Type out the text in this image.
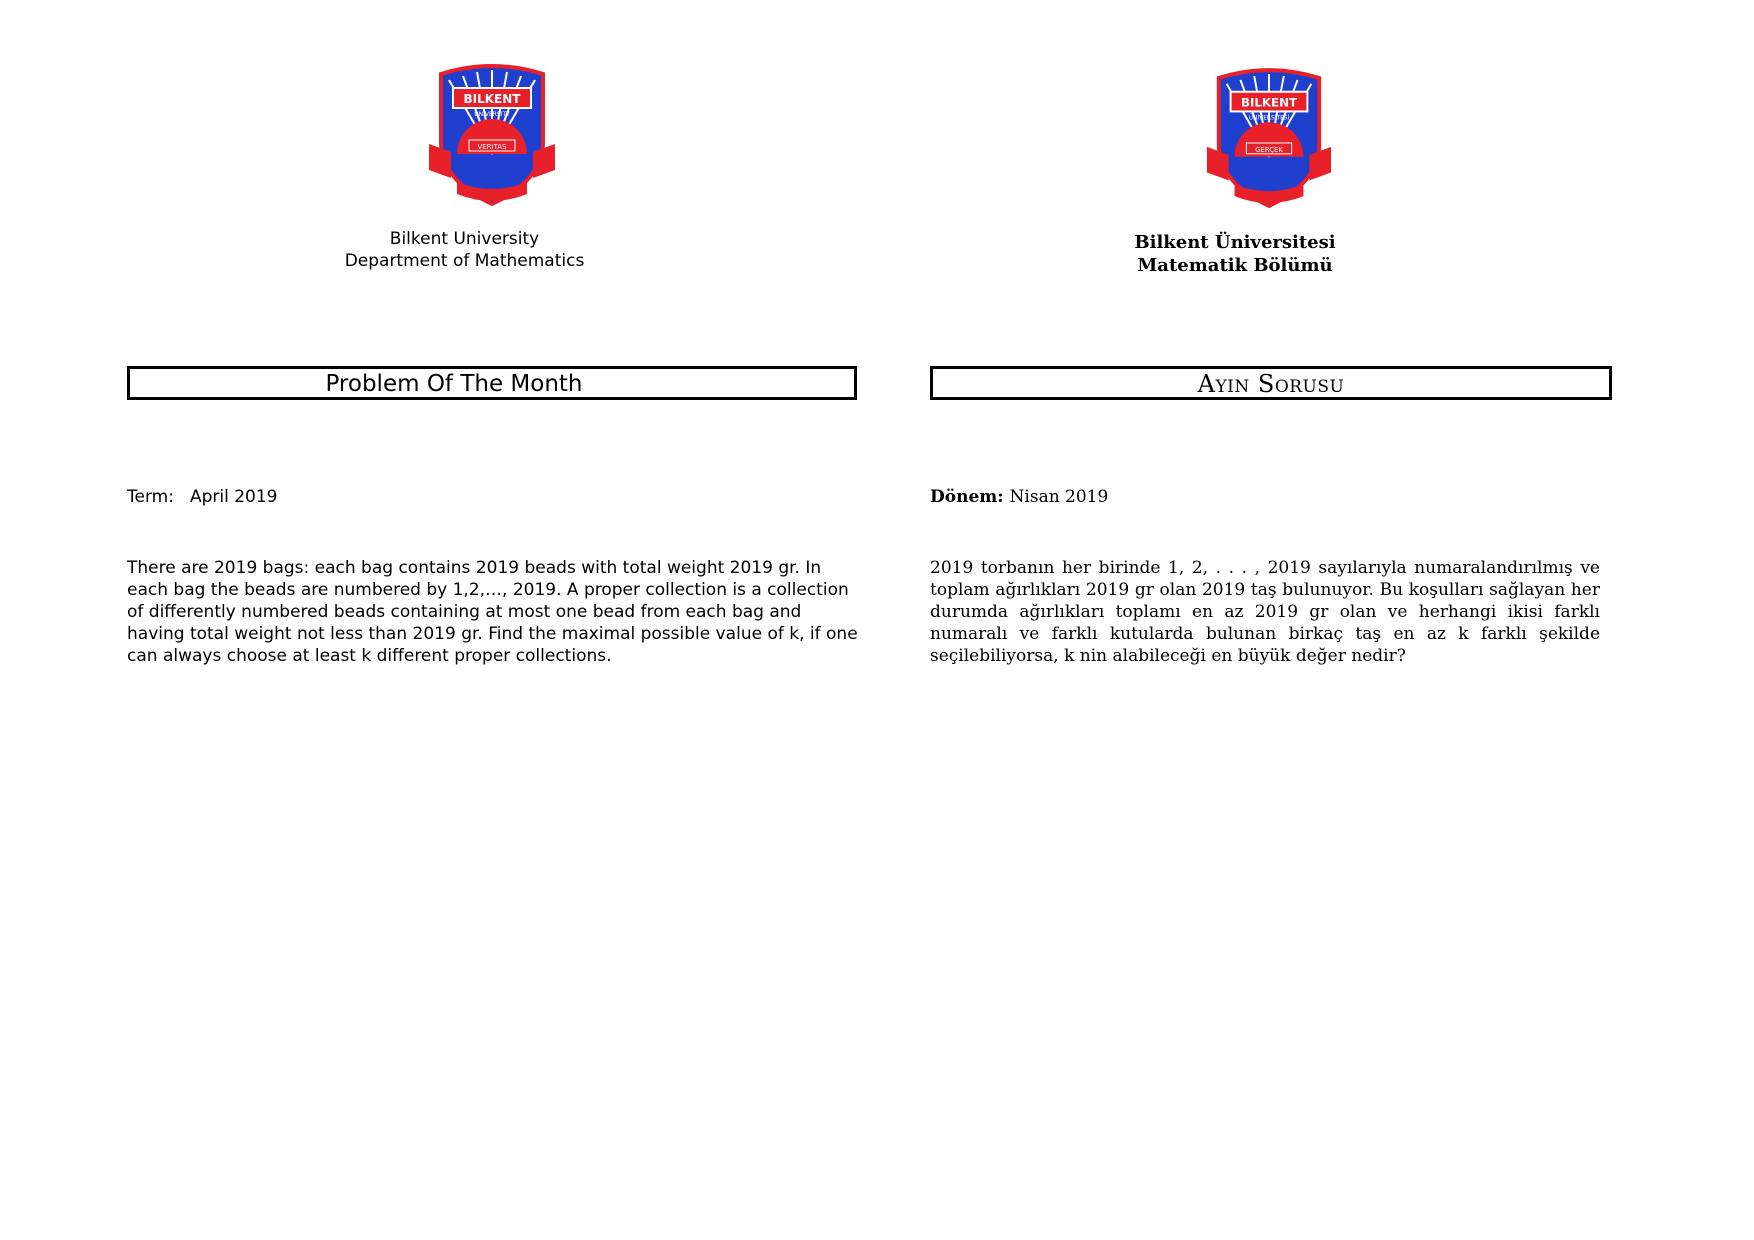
BILKENT
UNIVERSITY
VERITAS
Bilkent University
Department of Mathematics
Problem Of The Month
Term: April 2019
There are 2019 bags: each bag contains 2019 beads with total weight 2019 gr. In each bag the beads are numbered by 1,2,…, 2019. A proper collection is a collection of differently numbered beads containing at most one bead from each bag and having total weight not less than 2019 gr. Find the maximal possible value of k, if one can always choose at least k different proper collections.
BILKENT
ÜNİVERSİTESİ
GERÇEK
Bilkent Üniversitesi
Matematik Bölümü
Ayın Sorusu
Dönem: Nisan 2019
2019 torbanın her birinde 1, 2, . . . , 2019 sayılarıyla numaralandırılmış ve toplam ağırlıkları 2019 gr olan 2019 taş bulunuyor. Bu koşulları sağlayan her durumda ağırlıkları toplamı en az 2019 gr olan ve herhangi ikisi farklı numaralı ve farklı kutularda bulunan birkaç taş en az k farklı şekilde seçilebiliyorsa, k nin alabileceği en büyük değer nedir?
